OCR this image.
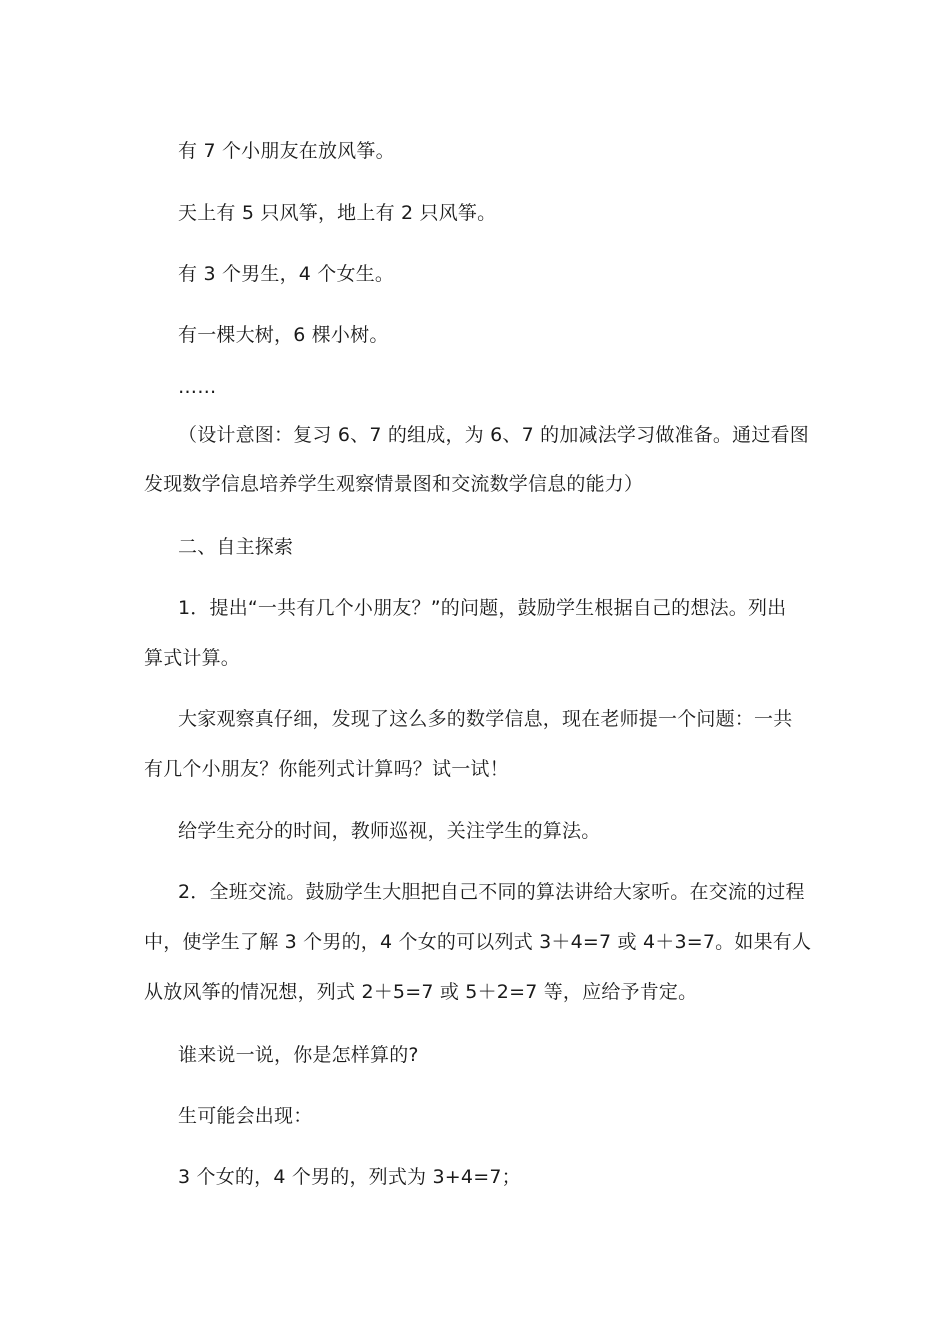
有 7 个小朋友在放风筝。
天上有 5 只风筝，地上有 2 只风筝。
有 3 个男生，4 个女生。
有一棵大树，6 棵小树。
……
（设计意图：复习 6、7 的组成，为 6、7 的加减法学习做准备。通过看图
发现数学信息培养学生观察情景图和交流数学信息的能力）
二、自主探索
1．提出“一共有几个小朋友？”的问题，鼓励学生根据自己的想法。列出
算式计算。
大家观察真仔细，发现了这么多的数学信息，现在老师提一个问题：一共
有几个小朋友？你能列式计算吗？试一试！
给学生充分的时间，教师巡视，关注学生的算法。
2．全班交流。鼓励学生大胆把自己不同的算法讲给大家听。在交流的过程
中，使学生了解 3 个男的，4 个女的可以列式 3＋4=7 或 4＋3=7。如果有人
从放风筝的情况想，列式 2＋5=7 或 5＋2=7 等，应给予肯定。
谁来说一说，你是怎样算的?
生可能会出现：
3 个女的，4 个男的，列式为 3+4=7；
